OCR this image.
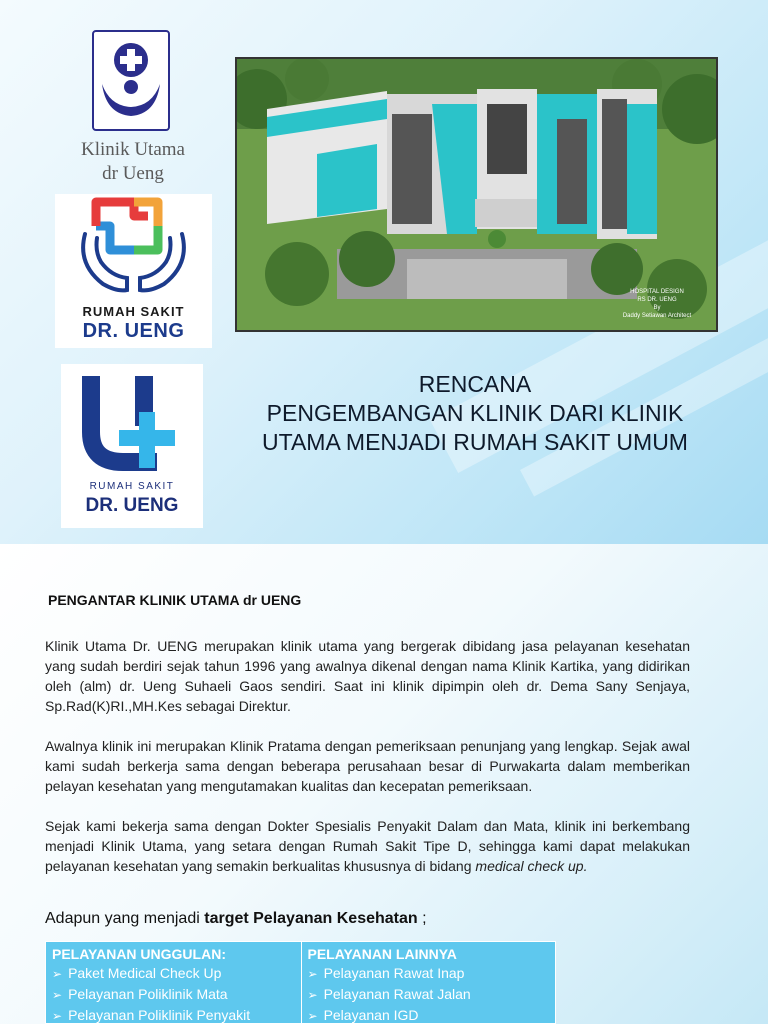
Klinik Utama
dr Ueng
RUMAH SAKIT
DR. UENG
RUMAH SAKIT
DR. UENG
HOSPITAL DESIGN
RS DR. UENG
By
Daddy Setiawan Architect
RENCANA
PENGEMBANGAN KLINIK DARI KLINIK
UTAMA MENJADI RUMAH SAKIT UMUM
PENGANTAR KLINIK UTAMA dr UENG

Klinik Utama Dr. UENG merupakan klinik utama yang bergerak dibidang jasa pelayanan kesehatan yang sudah berdiri sejak tahun 1996 yang awalnya dikenal dengan nama Klinik Kartika, yang didirikan oleh (alm) dr. Ueng Suhaeli Gaos sendiri. Saat ini klinik dipimpin oleh dr. Dema Sany Senjaya, Sp.Rad(K)RI.,MH.Kes sebagai Direktur.

Awalnya klinik ini merupakan Klinik Pratama dengan pemeriksaan penunjang yang lengkap. Sejak awal kami sudah berkerja sama dengan beberapa perusahaan besar di Purwakarta dalam memberikan pelayan kesehatan yang mengutamakan kualitas dan kecepatan pemeriksaan.

Sejak kami bekerja sama dengan Dokter Spesialis Penyakit Dalam dan Mata, klinik ini berkembang menjadi Klinik Utama, yang setara dengan Rumah Sakit Tipe D, sehingga kami dapat melakukan pelayanan kesehatan yang semakin berkualitas khususnya di bidang medical check up.

Adapun yang menjadi target Pelayanan Kesehatan ;
PELAYANAN UNGGULAN:
➢ Paket Medical Check Up
➢ Pelayanan Poliklinik Mata
➢ Pelayanan Poliklinik Penyakit
PELAYANAN LAINNYA
➢ Pelayanan Rawat Inap
➢ Pelayanan Rawat Jalan
➢ Pelayanan IGD
